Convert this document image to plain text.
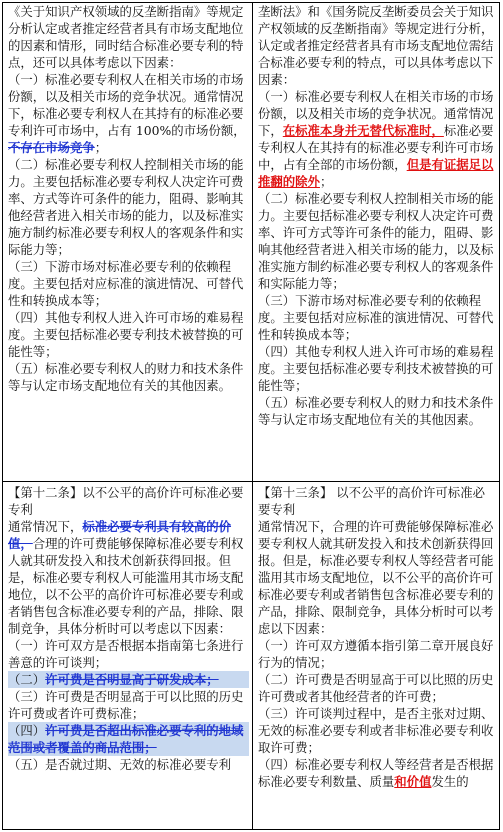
《关于知识产权领域的反垄断指南》等规定分析认定或者推定经营者具有市场支配地位的因素和情形，同时结合标准必要专利的特点，还可以具体考虑以下因素：

（一）标准必要专利权人在相关市场的市场份额，以及相关市场的竞争状况。通常情况下，标准必要专利权人在其持有的标准必要专利许可市场中，占有 100%的市场份额，不存在市场竞争；

（二）标准必要专利权人控制相关市场的能力。主要包括标准必要专利权人决定许可费率、方式等许可条件的能力，阻碍、影响其他经营者进入相关市场的能力，以及标准实施方制约标准必要专利权人的客观条件和实际能力等；

（三）下游市场对标准必要专利的依赖程度。主要包括对应标准的演进情况、可替代性和转换成本等；

（四）其他专利权人进入许可市场的难易程度。主要包括标准必要专利技术被替换的可能性等；

（五）标准必要专利权人的财力和技术条件等与认定市场支配地位有关的其他因素。

垄断法》和《国务院反垄断委员会关于知识产权领域的反垄断指南》等规定进行分析，认定或者推定经营者具有市场支配地位需结合标准必要专利的特点，可以具体考虑以下因素：

（一）标准必要专利权人在相关市场的市场份额，以及相关市场的竞争状况。通常情况下，在标准本身并无替代标准时，标准必要专利权人在其持有的标准必要专利许可市场中，占有全部的市场份额，但是有证据足以推翻的除外；

（二）标准必要专利权人控制相关市场的能力。主要包括标准必要专利权人决定许可费率、许可方式等许可条件的能力，阻碍、影响其他经营者进入相关市场的能力，以及标准实施方制约标准必要专利权人的客观条件和实际能力等；

（三）下游市场对标准必要专利的依赖程度。主要包括对应标准的演进情况、可替代性和转换成本等；

（四）其他专利权人进入许可市场的难易程度。主要包括标准必要专利技术被替换的可能性等；

（五）标准必要专利权人的财力和技术条件等与认定市场支配地位有关的其他因素。

【第十二条】以不公平的高价许可标准必要专利

通常情况下，标准必要专利具有较高的价值，合理的许可费能够保障标准必要专利权人就其研发投入和技术创新获得回报。但是，标准必要专利权人可能滥用其市场支配地位，以不公平的高价许可标准必要专利或者销售包含标准必要专利的产品，排除、限制竞争，具体分析时可以考虑以下因素：

（一）许可双方是否根据本指南第七条进行善意的许可谈判；

（二）许可费是否明显高于研发成本；

（三）许可费是否明显高于可以比照的历史许可费或者许可费标准；

（四）许可费是否超出标准必要专利的地域范围或者覆盖的商品范围；

（五）是否就过期、无效的标准必要专利

【第十三条】 以不公平的高价许可标准必要专利

通常情况下，合理的许可费能够保障标准必要专利权人就其研发投入和技术创新获得回报。但是，标准必要专利权人等经营者可能滥用其市场支配地位，以不公平的高价许可标准必要专利或者销售包含标准必要专利的产品，排除、限制竞争，具体分析时可以考虑以下因素：

（一）许可双方遵循本指引第二章开展良好行为的情况；

（二）许可费是否明显高于可以比照的历史许可费或者其他经营者的许可费；

（三）许可谈判过程中，是否主张对过期、无效的标准必要专利或者非标准必要专利收取许可费；

（四）标准必要专利权人等经营者是否根据标准必要专利数量、质量和价值发生的
